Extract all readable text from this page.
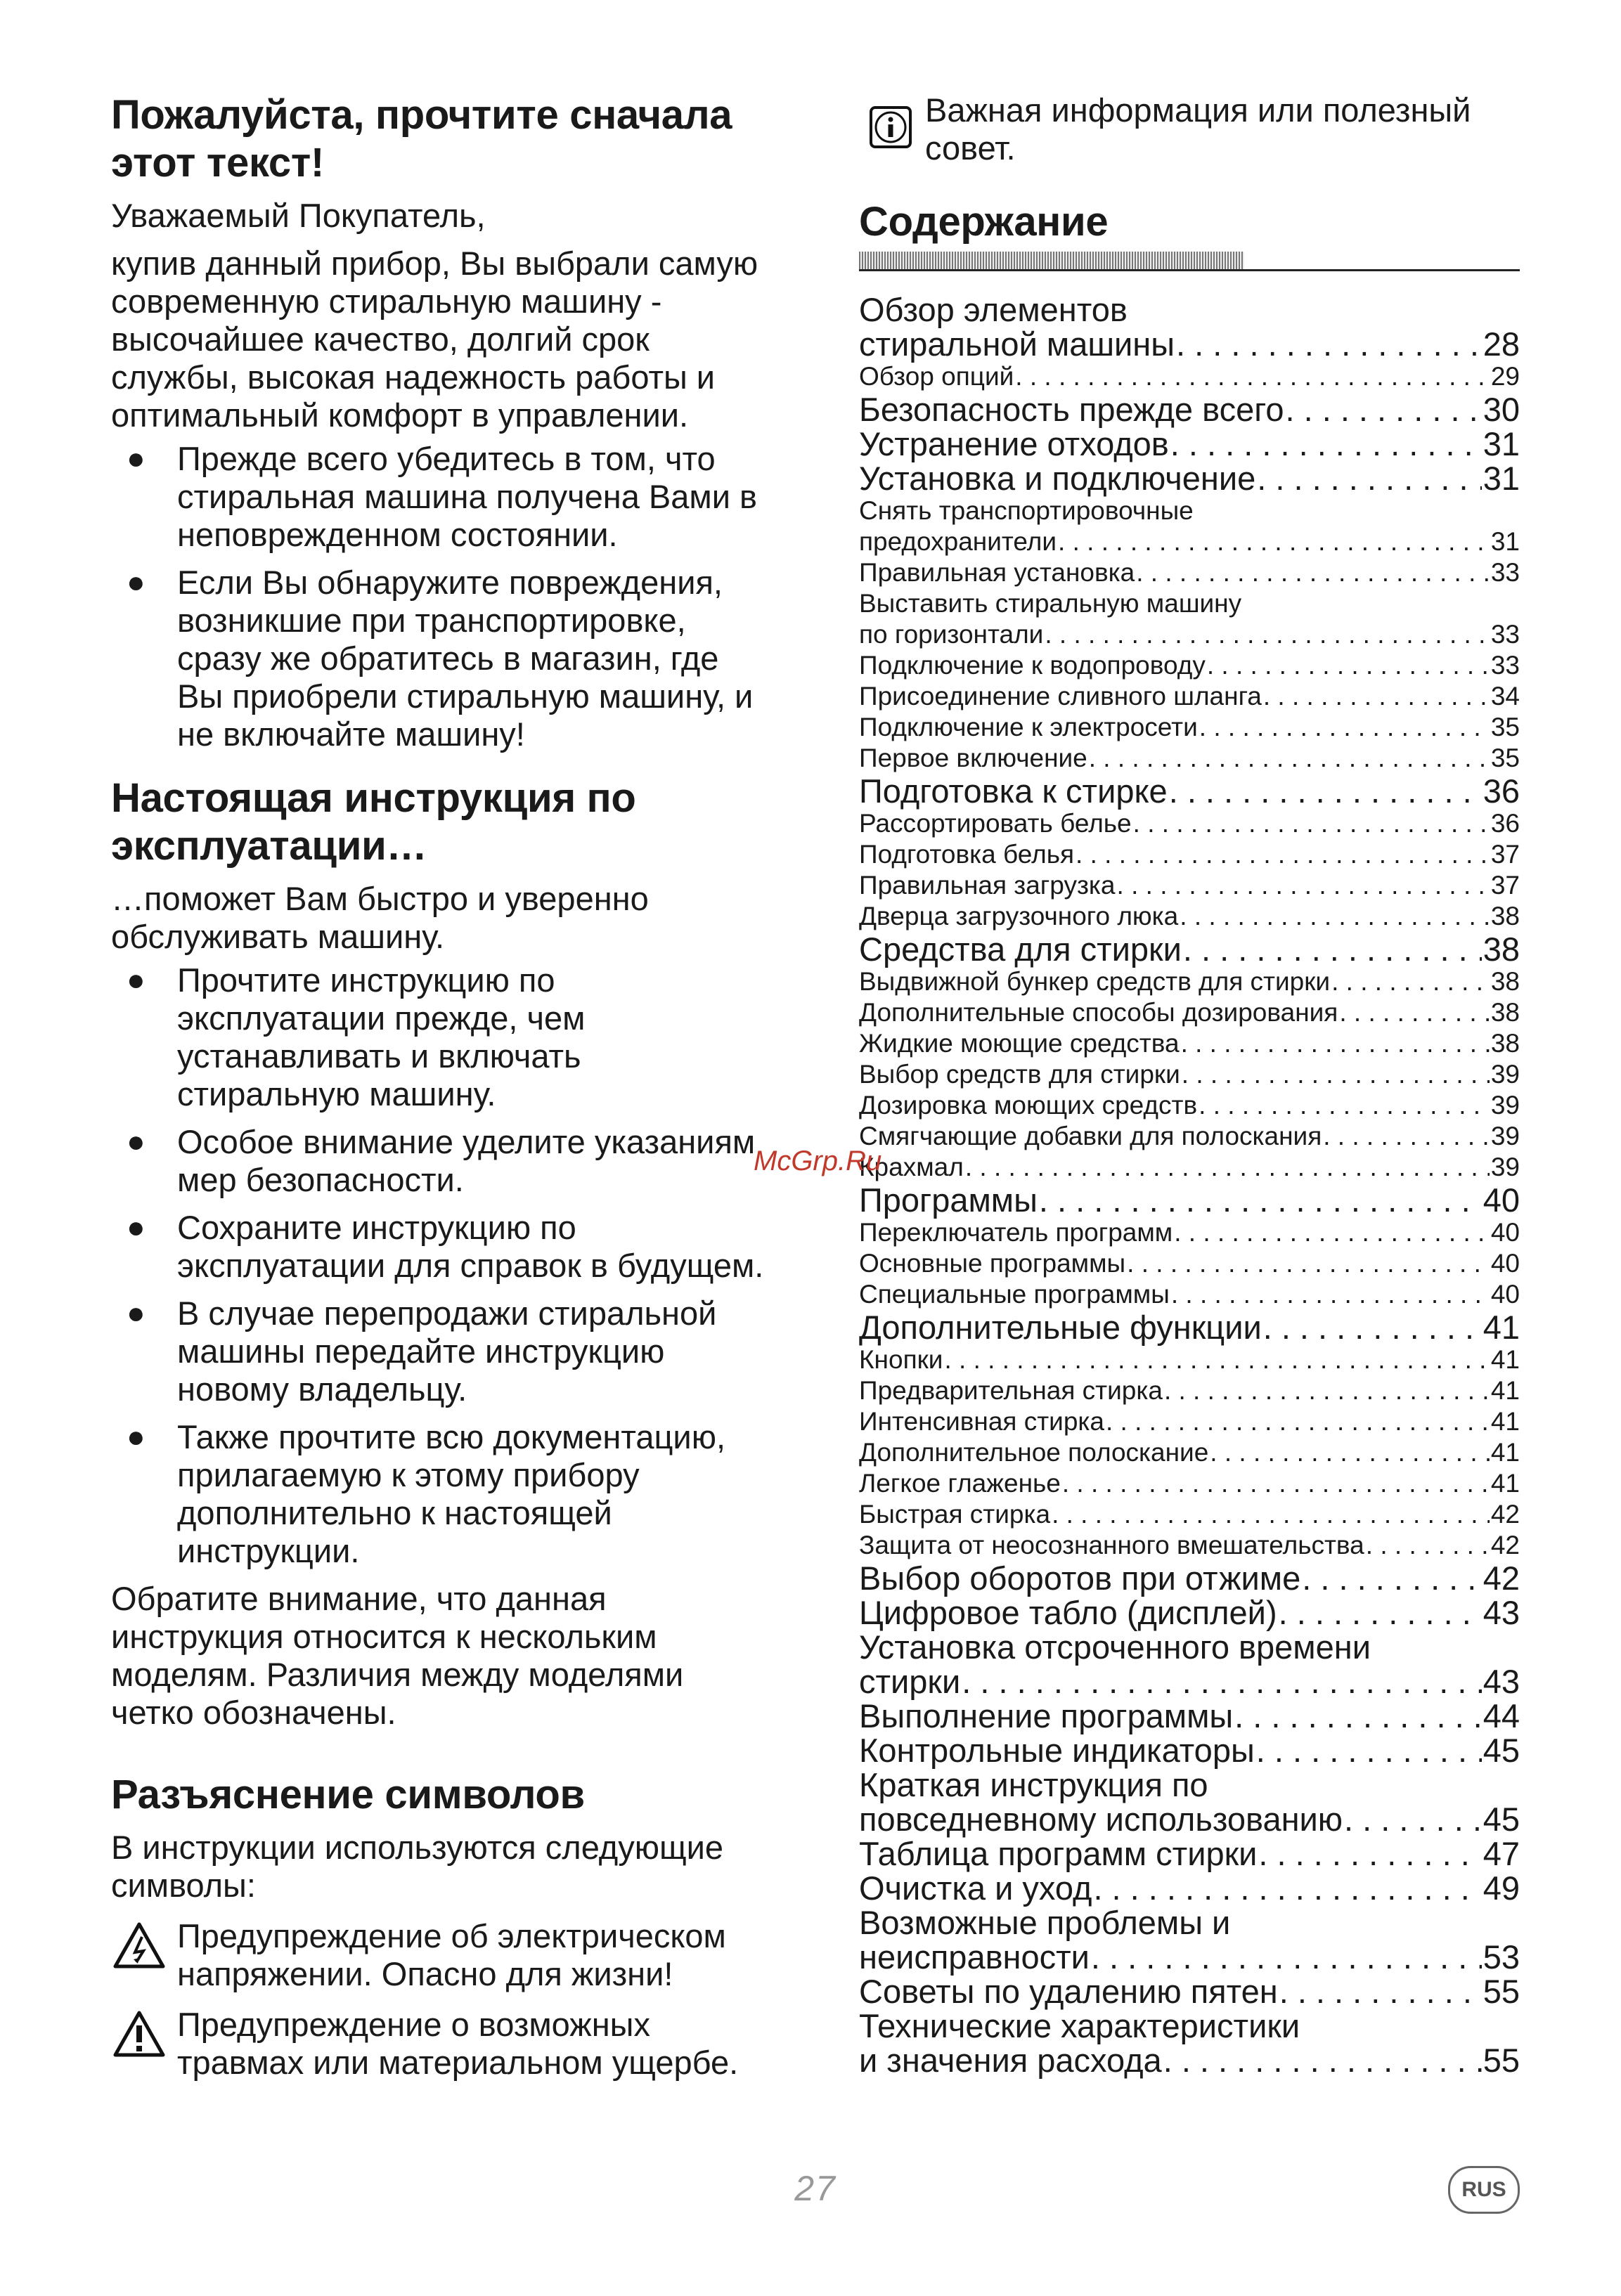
Пожалуйста, прочтите сначала этот текст!

Уважаемый Покупатель,

купив данный прибор, Вы выбрали самую современную стиральную машину - высочайшее качество, долгий срок службы, высокая надежность работы и оптимальный комфорт в управлении.

● Прежде всего убедитесь в том, что стиральная машина получена Вами в неповрежденном состоянии.
● Если Вы обнаружите повреждения, возникшие при транспортировке, сразу же обратитесь в магазин, где Вы приобрели стиральную машину, и не включайте машину!
Настоящая инструкция по эксплуатации…

…поможет Вам быстро и уверенно обслуживать машину.

● Прочтите инструкцию по эксплуатации прежде, чем устанавливать и включать стиральную машину.
● Особое внимание уделите указаниям мер безопасности.
● Сохраните инструкцию по эксплуатации для справок в будущем.
● В случае перепродажи стиральной машины передайте инструкцию новому владельцу.
● Также прочтите всю документацию, прилагаемую к этому прибору дополнительно к настоящей инструкции.

Обратите внимание, что данная инструкция относится к нескольким моделям. Различия между моделями четко обозначены.

Разъяснение символов

В инструкции используются следующие символы:

Предупреждение об электрическом напряжении. Опасно для жизни!
Предупреждение о возможных травмах или материальном ущербе.
Важная информация или полезный совет.
Содержание
Обзор элементов
стиральной машины . . .	28
Обзор опций . . .	29
Безопасность прежде всего . . .	30
Устранение отходов . . .	31
Установка и подключение . . .	31
Снять транспортировочные
предохранители . . .	31
Правильная установка . . .	33
Выставить стиральную машину
по горизонтали . . .	33
Подключение к водопроводу . . .	33
Присоединение сливного шланга . . .	34
Подключение к электросети . . .	35
Первое включение . . .	35
Подготовка к стирке . . .	36
Рассортировать белье . . .	36
Подготовка белья . . .	37
Правильная загрузка . . .	37
Дверца загрузочного люка . . .	38
Средства для стирки . . .	38
Выдвижной бункер средств для стирки . . .	38
Дополнительные способы дозирования . . .	38
Жидкие моющие средства . . .	38
Выбор средств для стирки . . .	39
Дозировка моющих средств . . .	39
Смягчающие добавки для полоскания . . .	39
Крахмал . . .	39
Программы . . .	40
Переключатель программ . . .	40
Основные программы . . .	40
Специальные программы . . .	40
Дополнительные функции . . .	41
Кнопки . . .	41
Предварительная стирка . . .	41
Интенсивная стирка . . .	41
Дополнительное полоскание . . .	41
Легкое глаженье . . .	41
Быстрая стирка . . .	42
Защита от неосознанного вмешательства . . .	42
Выбор оборотов при отжиме . . .	42
Цифровое табло (дисплей) . . .	43
Установка отсроченного времени
стирки . . .	43
Выполнение программы . . .	44
Контрольные индикаторы . . .	45
Краткая инструкция по
повседневному использованию . . .	45
Таблица программ стирки . . .	47
Очистка и уход . . .	49
Возможные проблемы и
неисправности . . .	53
Советы по удалению пятен . . .	55
Технические характеристики
и значения расхода . . .	55
McGrp.Ru
27	RUS
